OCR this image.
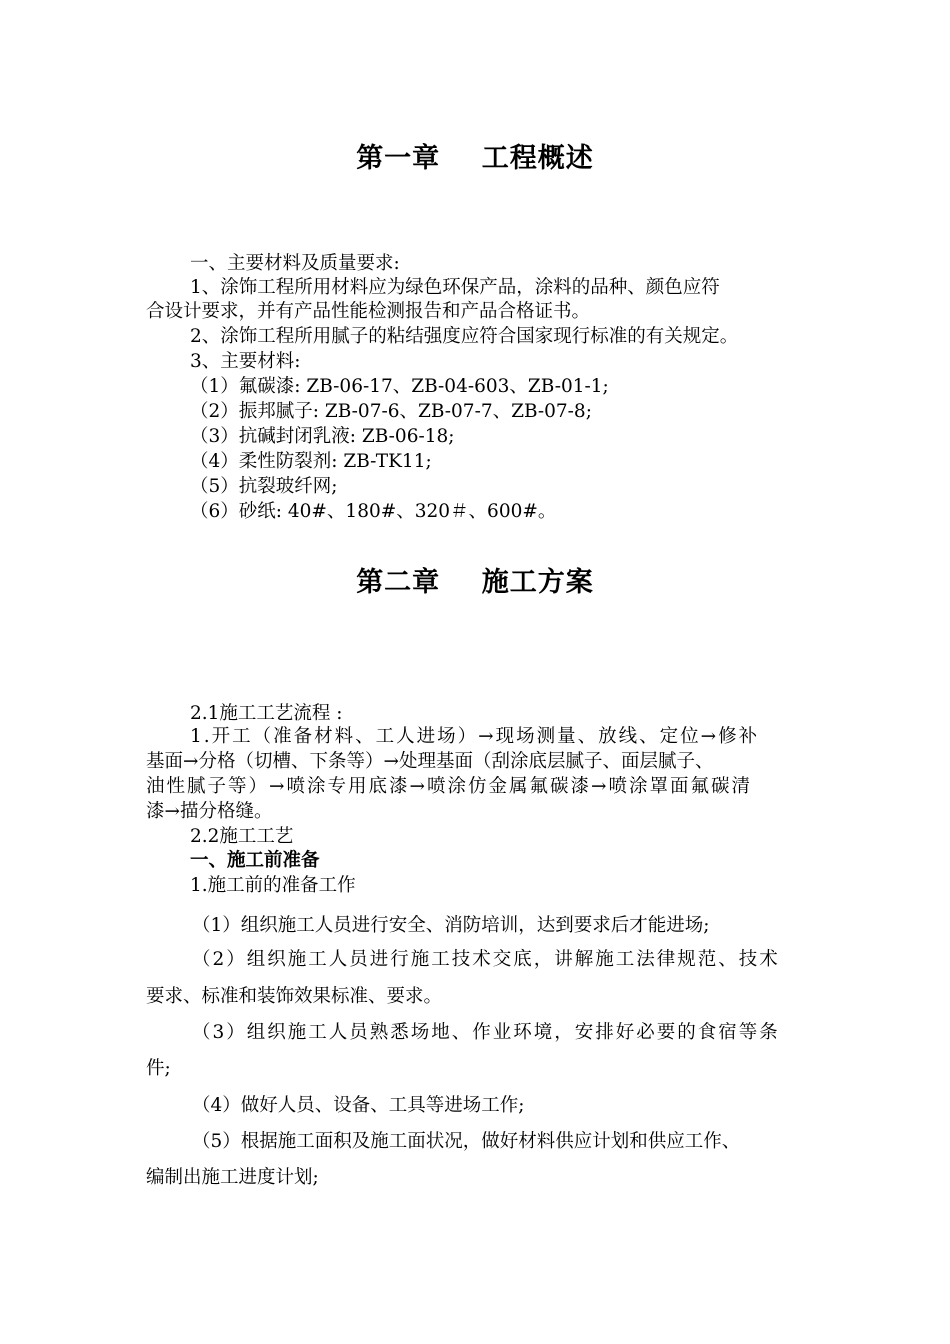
第一章    工程概述
一、主要材料及质量要求:
1、涂饰工程所用材料应为绿色环保产品，涂料的品种、颜色应符
合设计要求，并有产品性能检测报告和产品合格证书。
2、涂饰工程所用腻子的粘结强度应符合国家现行标准的有关规定。
3、主要材料:
（1）氟碳漆: ZB-06-17、ZB-04-603、ZB-01-1;
（2）振邦腻子: ZB-07-6、ZB-07-7、ZB-07-8;
（3）抗碱封闭乳液: ZB-06-18;
（4）柔性防裂剂: ZB-TK11;
（5）抗裂玻纤网;
（6）砂纸: 40#、180#、320＃、600#。
第二章    施工方案
2.1施工工艺流程 :
1.开工（准备材料、工人进场）→现场测量、放线、定位→修补
基面→分格（切槽、下条等）→处理基面（刮涂底层腻子、面层腻子、
油性腻子等）→喷涂专用底漆→喷涂仿金属氟碳漆→喷涂罩面氟碳清
漆→描分格缝。
2.2施工工艺
一、施工前准备
1.施工前的准备工作
（1）组织施工人员进行安全、消防培训，达到要求后才能进场;
（2）组织施工人员进行施工技术交底，讲解施工法律规范、技术
要求、标准和装饰效果标准、要求。
（3）组织施工人员熟悉场地、作业环境，安排好必要的食宿等条
件;
（4）做好人员、设备、工具等进场工作;
（5）根据施工面积及施工面状况，做好材料供应计划和供应工作、
编制出施工进度计划;
